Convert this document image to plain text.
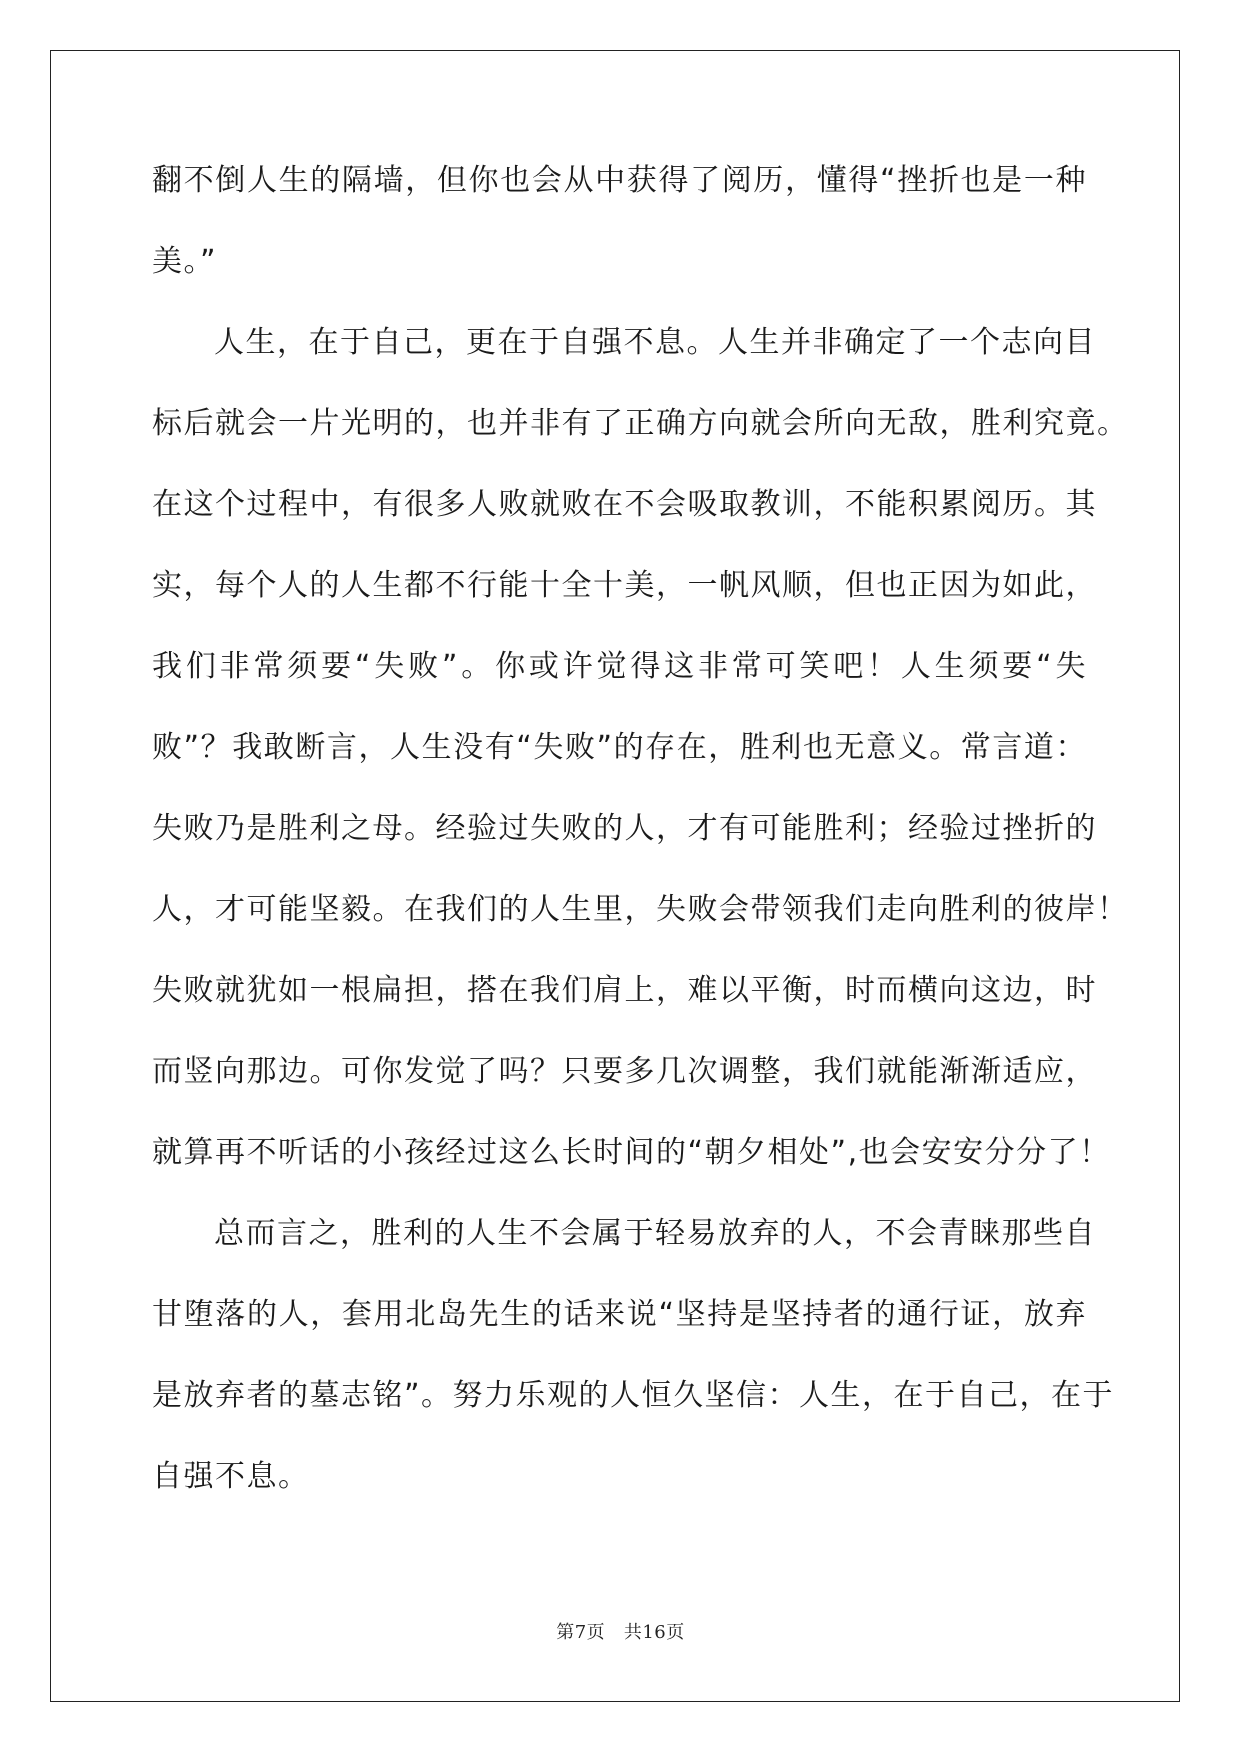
翻不倒人生的隔墙，但你也会从中获得了阅历，懂得“挫折也是一种
美。”
人生，在于自己，更在于自强不息。人生并非确定了一个志向目
标后就会一片光明的，也并非有了正确方向就会所向无敌，胜利究竟。
在这个过程中，有很多人败就败在不会吸取教训，不能积累阅历。其
实，每个人的人生都不行能十全十美，一帆风顺，但也正因为如此，
我们非常须要“失败”。你或许觉得这非常可笑吧！人生须要“失
败”？我敢断言，人生没有“失败”的存在，胜利也无意义。常言道：
失败乃是胜利之母。经验过失败的人，才有可能胜利；经验过挫折的
人，才可能坚毅。在我们的人生里，失败会带领我们走向胜利的彼岸！
失败就犹如一根扁担，搭在我们肩上，难以平衡，时而横向这边，时
而竖向那边。可你发觉了吗？只要多几次调整，我们就能渐渐适应，
就算再不听话的小孩经过这么长时间的“朝夕相处”,也会安安分分了！
总而言之，胜利的人生不会属于轻易放弃的人，不会青睐那些自
甘堕落的人，套用北岛先生的话来说“坚持是坚持者的通行证，放弃
是放弃者的墓志铭”。努力乐观的人恒久坚信：人生，在于自己，在于
自强不息。
第7页 共16页
